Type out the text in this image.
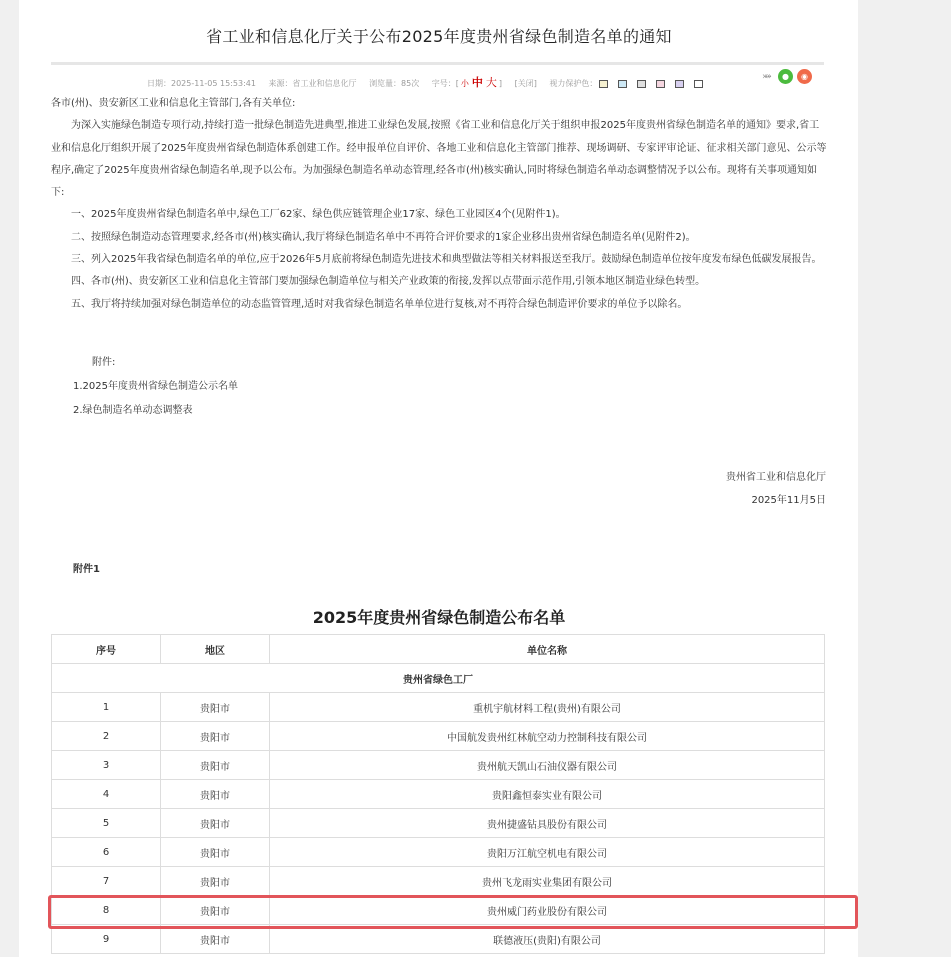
省工业和信息化厅关于公布2025年度贵州省绿色制造名单的通知
日期：2025-11-05 15:53:41 来源：省工业和信息化厅 浏览量：85次 字号：[ 小 中 大 ] [关闭] 视力保护色：
⤘	●	◉

各市(州)、贵安新区工业和信息化主管部门,各有关单位:

为深入实施绿色制造专项行动,持续打造一批绿色制造先进典型,推进工业绿色发展,按照《省工业和信息化厅关于组织申报2025年度贵州省绿色制造名单的通知》要求,省工业和信息化厅组织开展了2025年度贵州省绿色制造体系创建工作。经申报单位自评价、各地工业和信息化主管部门推荐、现场调研、专家评审论证、征求相关部门意见、公示等程序,确定了2025年度贵州省绿色制造名单,现予以公布。为加强绿色制造名单动态管理,经各市(州)核实确认,同时将绿色制造名单动态调整情况予以公布。现将有关事项通知如下:

一、2025年度贵州省绿色制造名单中,绿色工厂62家、绿色供应链管理企业17家、绿色工业园区4个(见附件1)。

二、按照绿色制造动态管理要求,经各市(州)核实确认,我厅将绿色制造名单中不再符合评价要求的1家企业移出贵州省绿色制造名单(见附件2)。

三、列入2025年我省绿色制造名单的单位,应于2026年5月底前将绿色制造先进技术和典型做法等相关材料报送至我厅。鼓励绿色制造单位按年度发布绿色低碳发展报告。

四、各市(州)、贵安新区工业和信息化主管部门要加强绿色制造单位与相关产业政策的衔接,发挥以点带面示范作用,引领本地区制造业绿色转型。

五、我厅将持续加强对绿色制造单位的动态监管管理,适时对我省绿色制造名单单位进行复核,对不再符合绿色制造评价要求的单位予以除名。

附件:
1.2025年度贵州省绿色制造公示名单
2.绿色制造名单动态调整表
贵州省工业和信息化厅
2025年11月5日
附件1
2025年度贵州省绿色制造公布名单
序号	地区	单位名称
贵州省绿色工厂		
1	贵阳市	重机宇航材料工程(贵州)有限公司
2	贵阳市	中国航发贵州红林航空动力控制科技有限公司
3	贵阳市	贵州航天凯山石油仪器有限公司
4	贵阳市	贵阳鑫恒泰实业有限公司
5	贵阳市	贵州捷盛钻具股份有限公司
6	贵阳市	贵阳万江航空机电有限公司
7	贵阳市	贵州飞龙雨实业集团有限公司
8	贵阳市	贵州威门药业股份有限公司
9	贵阳市	联德液压(贵阳)有限公司
